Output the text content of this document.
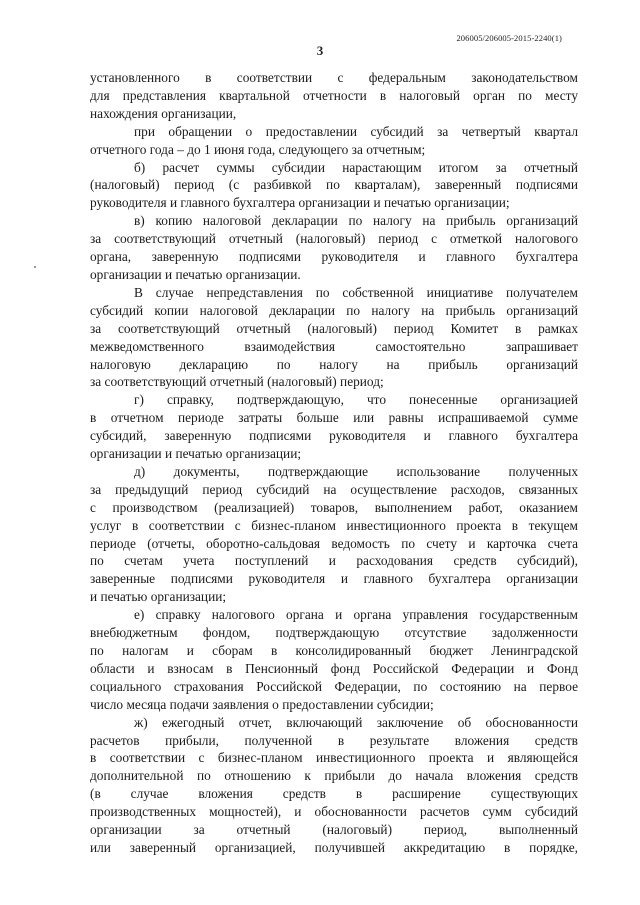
206005/206005-2015-2240(1)
3

установленного в соответствии с федеральным законодательством

для представления квартальной отчетности в налоговый орган по месту

нахождения организации,

при обращении о предоставлении субсидий за четвертый квартал

отчетного года – до 1 июня года, следующего за отчетным;

б) расчет суммы субсидии нарастающим итогом за отчетный

(налоговый) период (с разбивкой по кварталам), заверенный подписями

руководителя и главного бухгалтера организации и печатью организации;

в) копию налоговой декларации по налогу на прибыль организаций

за соответствующий отчетный (налоговый) период с отметкой налогового

органа, заверенную подписями руководителя и главного бухгалтера

организации и печатью организации.

В случае непредставления по собственной инициативе получателем

субсидий копии налоговой декларации по налогу на прибыль организаций

за соответствующий отчетный (налоговый) период Комитет в рамках

межведомственного взаимодействия самостоятельно запрашивает

налоговую декларацию по налогу на прибыль организаций

за соответствующий отчетный (налоговый) период;

г) справку, подтверждающую, что понесенные организацией

в отчетном периоде затраты больше или равны испрашиваемой сумме

субсидий, заверенную подписями руководителя и главного бухгалтера

организации и печатью организации;

д) документы, подтверждающие использование полученных

за предыдущий период субсидий на осуществление расходов, связанных

с производством (реализацией) товаров, выполнением работ, оказанием

услуг в соответствии с бизнес-планом инвестиционного проекта в текущем

периоде (отчеты, оборотно-сальдовая ведомость по счету и карточка счета

по счетам учета поступлений и расходования средств субсидий),

заверенные подписями руководителя и главного бухгалтера организации

и печатью организации;

е) справку налогового органа и органа управления государственным

внебюджетным фондом, подтверждающую отсутствие задолженности

по налогам и сборам в консолидированный бюджет Ленинградской

области и взносам в Пенсионный фонд Российской Федерации и Фонд

социального страхования Российской Федерации, по состоянию на первое

число месяца подачи заявления о предоставлении субсидии;

ж) ежегодный отчет, включающий заключение об обоснованности

расчетов прибыли, полученной в результате вложения средств

в соответствии с бизнес-планом инвестиционного проекта и являющейся

дополнительной по отношению к прибыли до начала вложения средств

(в случае вложения средств в расширение существующих

производственных мощностей), и обоснованности расчетов сумм субсидий

организации за отчетный (налоговый) период, выполненный

или заверенный организацией, получившей аккредитацию в порядке,
